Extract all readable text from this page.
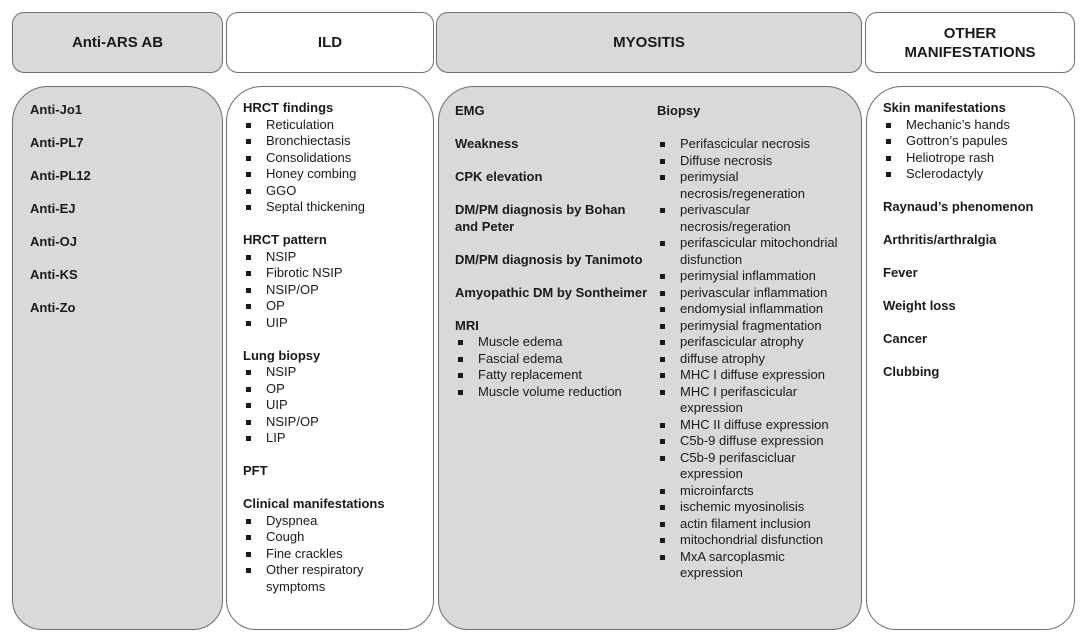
Anti-ARS AB	ILD	MYOSITIS
OTHER
MANIFESTATIONS
Anti-Jo1
Anti-PL7
Anti-PL12
Anti-EJ
Anti-OJ
Anti-KS
Anti-Zo
HRCT findings
Reticulation
Bronchiectasis
Consolidations
Honey combing
GGO
Septal thickening
HRCT pattern
NSIP
Fibrotic NSIP
NSIP/OP
OP
UIP
Lung biopsy
NSIP
OP
UIP
NSIP/OP
LIP
PFT
Clinical manifestations
Dyspnea
Cough
Fine crackles
Other respiratory symptoms
EMG
Weakness
CPK elevation
DM/PM diagnosis by Bohan and Peter
DM/PM diagnosis by Tanimoto
Amyopathic DM by Sontheimer
MRI
Muscle edema
Fascial edema
Fatty replacement
Muscle volume reduction
Biopsy
Perifascicular necrosis
Diffuse necrosis
perimysial necrosis/regeneration
perivascular necrosis/regeration
perifascicular mitochondrial disfunction
perimysial inflammation
perivascular inflammation
endomysial inflammation
perimysial fragmentation
perifascicular atrophy
diffuse atrophy
MHC I diffuse expression
MHC I perifascicular expression
MHC II diffuse expression
C5b-9 diffuse expression
C5b-9 perifascicluar expression
microinfarcts
ischemic myosinolisis
actin filament inclusion
mitochondrial disfunction
MxA sarcoplasmic expression
Skin manifestations
Mechanic’s hands
Gottron’s papules
Heliotrope rash
Sclerodactyly
Raynaud’s phenomenon
Arthritis/arthralgia
Fever
Weight loss
Cancer
Clubbing
